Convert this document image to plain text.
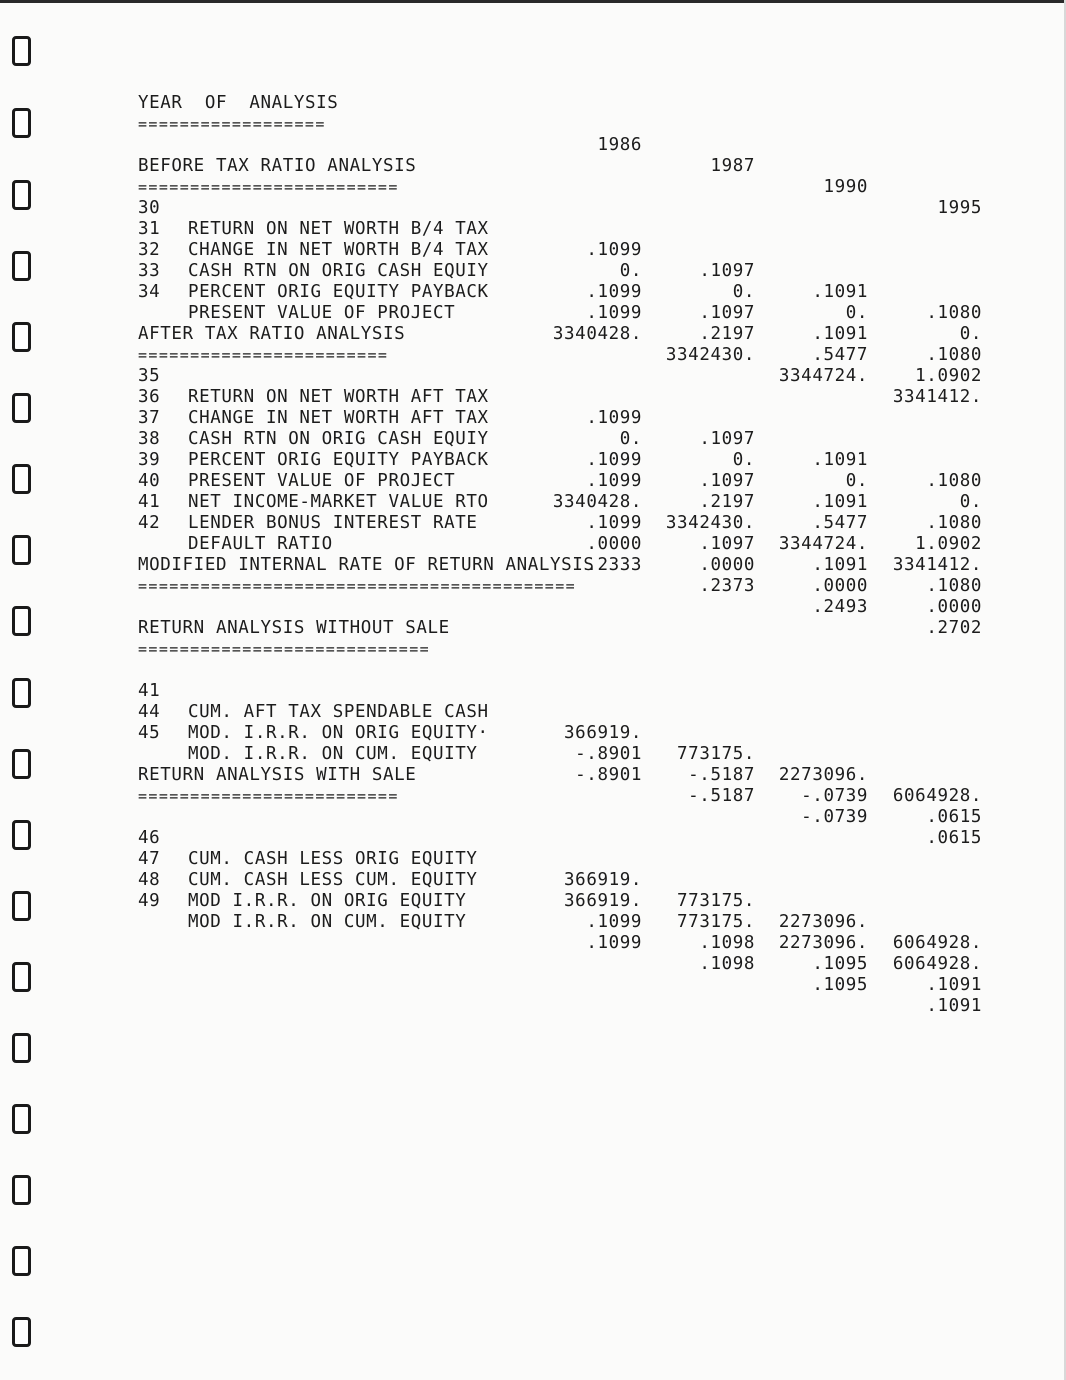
YEAR  OF  ANALYSIS

==================

1986

1987

1990

1995

BEFORE TAX RATIO ANALYSIS

=========================

30

RETURN ON NET WORTH B/4 TAX

.1099

.1097

.1091

.1080

31

CHANGE IN NET WORTH B/4 TAX

0.

0.

0.

0.

32

CASH RTN ON ORIG CASH EQUIY

.1099

.1097

.1091

.1080

33

PERCENT ORIG EQUITY PAYBACK

.1099

.2197

.5477

1.0902

34

PRESENT VALUE OF PROJECT

3340428.

3342430.

3344724.

3341412.

AFTER TAX RATIO ANALYSIS

========================

35

RETURN ON NET WORTH AFT TAX

.1099

.1097

.1091

.1080

36

CHANGE IN NET WORTH AFT TAX

0.

0.

0.

0.

37

CASH RTN ON ORIG CASH EQUIY

.1099

.1097

.1091

.1080

38

PERCENT ORIG EQUITY PAYBACK

.1099

.2197

.5477

1.0902

39

PRESENT VALUE OF PROJECT

3340428.

3342430.

3344724.

3341412.

40

NET INCOME-MARKET VALUE RTO

.1099

.1097

.1091

.1080

41

LENDER BONUS INTEREST RATE

.0000

.0000

.0000

.0000

42

DEFAULT RATIO

.2333

.2373

.2493

.2702

MODIFIED INTERNAL RATE OF RETURN ANALYSIS

==========================================

RETURN ANALYSIS WITHOUT SALE

============================

41

CUM. AFT TAX SPENDABLE CASH

366919.

773175.

2273096.

6064928.

44

MOD. I.R.R. ON ORIG EQUITY·

-.8901

-.5187

-.0739

.0615

45

MOD. I.R.R. ON CUM. EQUITY

-.8901

-.5187

-.0739

.0615

RETURN ANALYSIS WITH SALE

=========================

46

CUM. CASH LESS ORIG EQUITY

366919.

773175.

2273096.

6064928.

47

CUM. CASH LESS CUM. EQUITY

366919.

773175.

2273096.

6064928.

48

MOD I.R.R. ON ORIG EQUITY

.1099

.1098

.1095

.1091

49

MOD I.R.R. ON CUM. EQUITY

.1099

.1098

.1095

.1091
